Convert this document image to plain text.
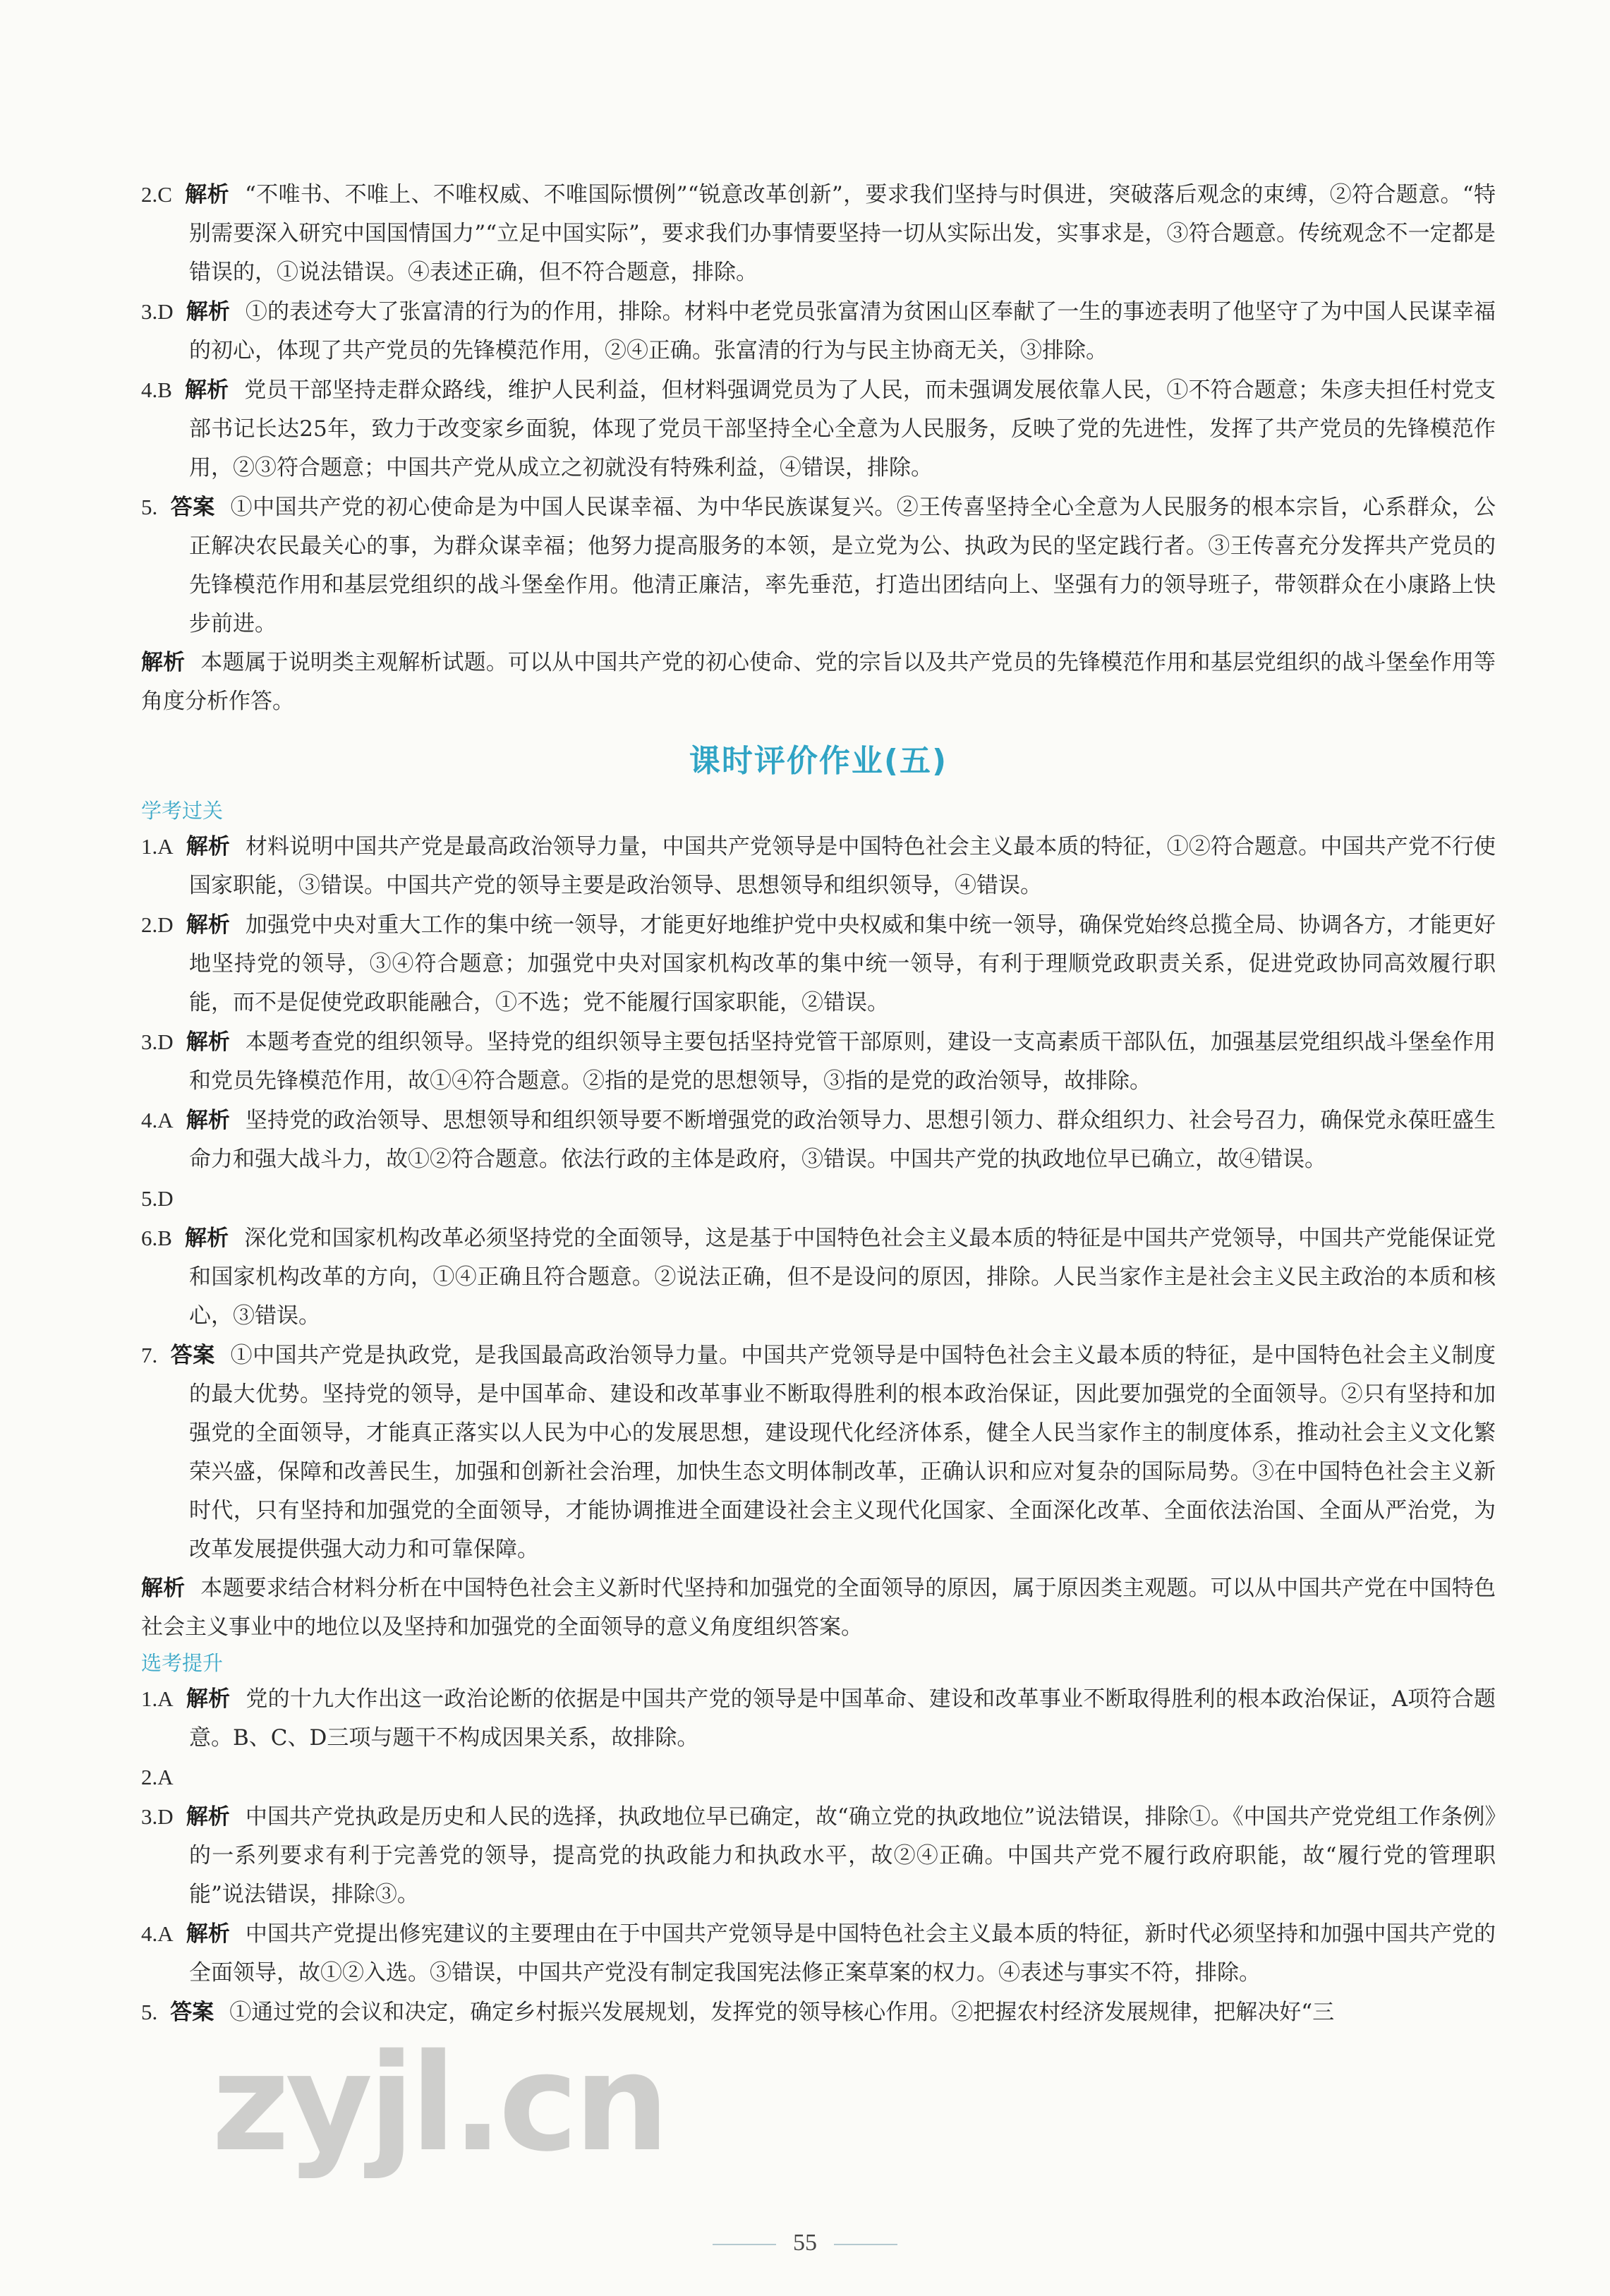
2.C 解析 “不唯书、不唯上、不唯权威、不唯国际惯例”“锐意改革创新”，要求我们坚持与时俱进，突破落后观念的束缚，②符合题意。“特别需要深入研究中国国情国力”“立足中国实际”，要求我们办事情要坚持一切从实际出发，实事求是，③符合题意。传统观念不一定都是错误的，①说法错误。④表述正确，但不符合题意，排除。

3.D 解析 ①的表述夸大了张富清的行为的作用，排除。材料中老党员张富清为贫困山区奉献了一生的事迹表明了他坚守了为中国人民谋幸福的初心，体现了共产党员的先锋模范作用，②④正确。张富清的行为与民主协商无关，③排除。

4.B 解析 党员干部坚持走群众路线，维护人民利益，但材料强调党员为了人民，而未强调发展依靠人民，①不符合题意；朱彦夫担任村党支部书记长达25年，致力于改变家乡面貌，体现了党员干部坚持全心全意为人民服务，反映了党的先进性，发挥了共产党员的先锋模范作用，②③符合题意；中国共产党从成立之初就没有特殊利益，④错误，排除。

5. 答案 ①中国共产党的初心使命是为中国人民谋幸福、为中华民族谋复兴。②王传喜坚持全心全意为人民服务的根本宗旨，心系群众，公正解决农民最关心的事，为群众谋幸福；他努力提高服务的本领，是立党为公、执政为民的坚定践行者。③王传喜充分发挥共产党员的先锋模范作用和基层党组织的战斗堡垒作用。他清正廉洁，率先垂范，打造出团结向上、坚强有力的领导班子，带领群众在小康路上快步前进。

解析 本题属于说明类主观解析试题。可以从中国共产党的初心使命、党的宗旨以及共产党员的先锋模范作用和基层党组织的战斗堡垒作用等角度分析作答。

课时评价作业(五)

学考过关

1.A 解析 材料说明中国共产党是最高政治领导力量，中国共产党领导是中国特色社会主义最本质的特征，①②符合题意。中国共产党不行使国家职能，③错误。中国共产党的领导主要是政治领导、思想领导和组织领导，④错误。

2.D 解析 加强党中央对重大工作的集中统一领导，才能更好地维护党中央权威和集中统一领导，确保党始终总揽全局、协调各方，才能更好地坚持党的领导，③④符合题意；加强党中央对国家机构改革的集中统一领导，有利于理顺党政职责关系，促进党政协同高效履行职能，而不是促使党政职能融合，①不选；党不能履行国家职能，②错误。

3.D 解析 本题考查党的组织领导。坚持党的组织领导主要包括坚持党管干部原则，建设一支高素质干部队伍，加强基层党组织战斗堡垒作用和党员先锋模范作用，故①④符合题意。②指的是党的思想领导，③指的是党的政治领导，故排除。

4.A 解析 坚持党的政治领导、思想领导和组织领导要不断增强党的政治领导力、思想引领力、群众组织力、社会号召力，确保党永葆旺盛生命力和强大战斗力，故①②符合题意。依法行政的主体是政府，③错误。中国共产党的执政地位早已确立，故④错误。

5.D

6.B 解析 深化党和国家机构改革必须坚持党的全面领导，这是基于中国特色社会主义最本质的特征是中国共产党领导，中国共产党能保证党和国家机构改革的方向，①④正确且符合题意。②说法正确，但不是设问的原因，排除。人民当家作主是社会主义民主政治的本质和核心，③错误。

7. 答案 ①中国共产党是执政党，是我国最高政治领导力量。中国共产党领导是中国特色社会主义最本质的特征，是中国特色社会主义制度的最大优势。坚持党的领导，是中国革命、建设和改革事业不断取得胜利的根本政治保证，因此要加强党的全面领导。②只有坚持和加强党的全面领导，才能真正落实以人民为中心的发展思想，建设现代化经济体系，健全人民当家作主的制度体系，推动社会主义文化繁荣兴盛，保障和改善民生，加强和创新社会治理，加快生态文明体制改革，正确认识和应对复杂的国际局势。③在中国特色社会主义新时代，只有坚持和加强党的全面领导，才能协调推进全面建设社会主义现代化国家、全面深化改革、全面依法治国、全面从严治党，为改革发展提供强大动力和可靠保障。

解析 本题要求结合材料分析在中国特色社会主义新时代坚持和加强党的全面领导的原因，属于原因类主观题。可以从中国共产党在中国特色社会主义事业中的地位以及坚持和加强党的全面领导的意义角度组织答案。

选考提升

1.A 解析 党的十九大作出这一政治论断的依据是中国共产党的领导是中国革命、建设和改革事业不断取得胜利的根本政治保证，A项符合题意。B、C、D三项与题干不构成因果关系，故排除。

2.A

3.D 解析 中国共产党执政是历史和人民的选择，执政地位早已确定，故“确立党的执政地位”说法错误，排除①。《中国共产党党组工作条例》的一系列要求有利于完善党的领导，提高党的执政能力和执政水平，故②④正确。中国共产党不履行政府职能，故“履行党的管理职能”说法错误，排除③。

4.A 解析 中国共产党提出修宪建议的主要理由在于中国共产党领导是中国特色社会主义最本质的特征，新时代必须坚持和加强中国共产党的全面领导，故①②入选。③错误，中国共产党没有制定我国宪法修正案草案的权力。④表述与事实不符，排除。

5. 答案 ①通过党的会议和决定，确定乡村振兴发展规划，发挥党的领导核心作用。②把握农村经济发展规律，把解决好“三

zyjl.cn
55
